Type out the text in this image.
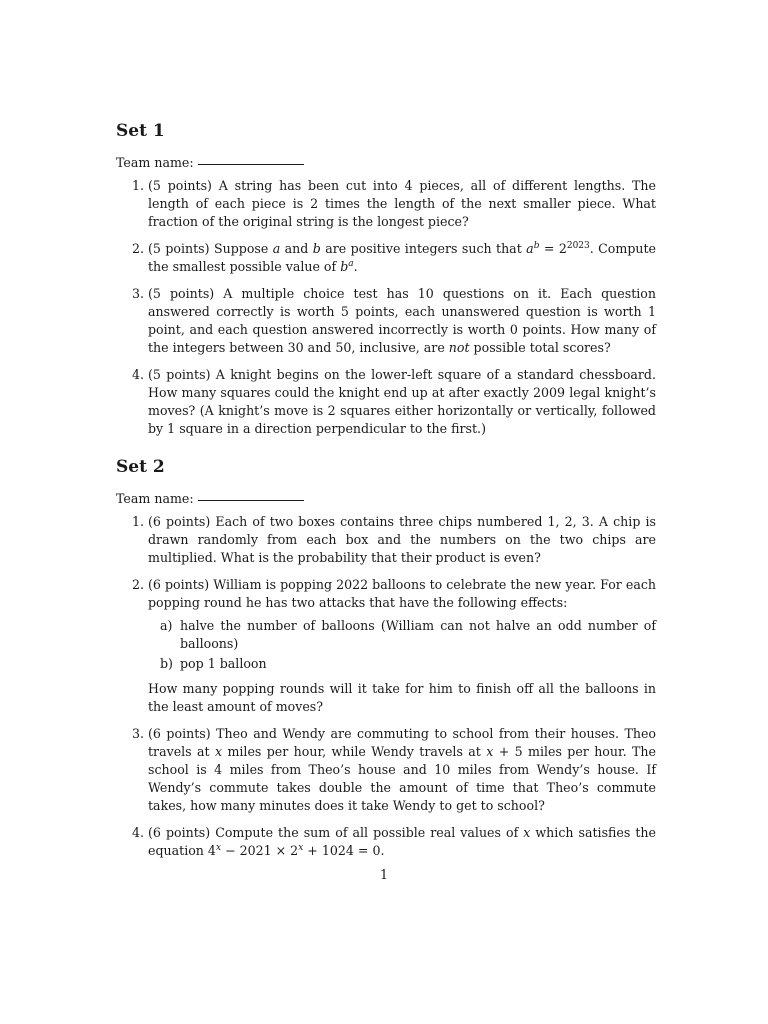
Set 1
Team name:
1. (5 points) A string has been cut into 4 pieces, all of different lengths. The length of each piece is 2 times the length of the next smaller piece. What fraction of the original string is the longest piece?
2. (5 points) Suppose a and b are positive integers such that $a^b = 2^{2023}$. Compute the smallest possible value of $b^a$.
3. (5 points) A multiple choice test has 10 questions on it. Each question answered correctly is worth 5 points, each unanswered question is worth 1 point, and each question answered incorrectly is worth 0 points. How many of the integers between 30 and 50, inclusive, are not possible total scores?
4. (5 points) A knight begins on the lower-left square of a standard chessboard. How many squares could the knight end up at after exactly 2009 legal knight’s moves? (A knight’s move is 2 squares either horizontally or vertically, followed by 1 square in a direction perpendicular to the first.)
Set 2
Team name:
1. (6 points) Each of two boxes contains three chips numbered 1, 2, 3. A chip is drawn randomly from each box and the numbers on the two chips are multiplied. What is the probability that their product is even?
2. (6 points) William is popping 2022 balloons to celebrate the new year. For each popping round he has two attacks that have the following effects:
a) halve the number of balloons (William can not halve an odd number of balloons)
b) pop 1 balloon
How many popping rounds will it take for him to finish off all the balloons in the least amount of moves?
3. (6 points) Theo and Wendy are commuting to school from their houses. Theo travels at x miles per hour, while Wendy travels at x + 5 miles per hour. The school is 4 miles from Theo’s house and 10 miles from Wendy’s house. If Wendy’s commute takes double the amount of time that Theo’s commute takes, how many minutes does it take Wendy to get to school?
4. (6 points) Compute the sum of all possible real values of x which satisfies the equation $4^x - 2021 \times 2^x + 1024 = 0$.
1
